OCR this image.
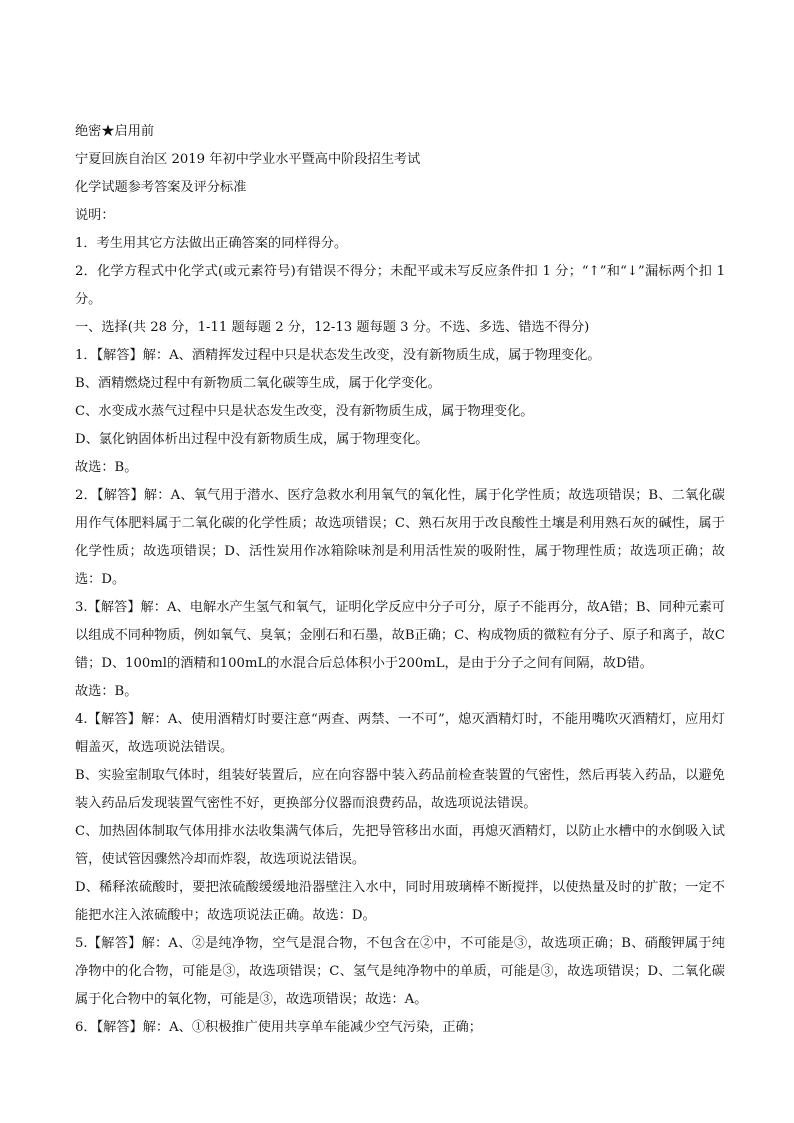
绝密★启用前
宁夏回族自治区 2019 年初中学业水平暨高中阶段招生考试
化学试题参考答案及评分标准
说明：
1．考生用其它方法做出正确答案的同样得分。
2．化学方程式中化学式(或元素符号)有错误不得分；未配平或未写反应条件扣 1 分；“↑”和“↓”漏标两个扣 1 分。
一、选择(共 28 分，1-11 题每题 2 分，12-13 题每题 3 分。不选、多选、错选不得分)
1．【解答】解：A、酒精挥发过程中只是状态发生改变，没有新物质生成，属于物理变化。
B、酒精燃烧过程中有新物质二氧化碳等生成，属于化学变化。
C、水变成水蒸气过程中只是状态发生改变，没有新物质生成，属于物理变化。
D、氯化钠固体析出过程中没有新物质生成，属于物理变化。
故选：B。
2．【解答】解：A、氧气用于潜水、医疗急救水利用氧气的氧化性，属于化学性质；故选项错误；B、二氧化碳用作气体肥料属于二氧化碳的化学性质；故选项错误；C、熟石灰用于改良酸性土壤是利用熟石灰的碱性，属于化学性质；故选项错误；D、活性炭用作冰箱除味剂是利用活性炭的吸附性，属于物理性质；故选项正确；故选：D。
3.【解答】解：A、电解水产生氢气和氧气，证明化学反应中分子可分，原子不能再分，故A错；B、同种元素可以组成不同种物质，例如氧气、臭氧；金刚石和石墨，故B正确；C、构成物质的微粒有分子、原子和离子，故C错；D、100ml的酒精和100mL的水混合后总体积小于200mL，是由于分子之间有间隔，故D错。
故选：B。
4.【解答】解：A、使用酒精灯时要注意“两查、两禁、一不可”，熄灭酒精灯时，不能用嘴吹灭酒精灯，应用灯帽盖灭，故选项说法错误。
B、实验室制取气体时，组装好装置后，应在向容器中装入药品前检查装置的气密性，然后再装入药品，以避免装入药品后发现装置气密性不好，更换部分仪器而浪费药品，故选项说法错误。
C、加热固体制取气体用排水法收集满气体后，先把导管移出水面，再熄灭酒精灯，以防止水槽中的水倒吸入试管，使试管因骤然冷却而炸裂，故选项说法错误。
D、稀释浓硫酸时，要把浓硫酸缓缓地沿器壁注入水中，同时用玻璃棒不断搅拌，以使热量及时的扩散；一定不能把水注入浓硫酸中；故选项说法正确。故选：D。
5.【解答】解：A、②是纯净物，空气是混合物，不包含在②中，不可能是③，故选项正确；B、硝酸钾属于纯净物中的化合物，可能是③，故选项错误；C、氢气是纯净物中的单质，可能是③，故选项错误；D、二氧化碳属于化合物中的氧化物，可能是③，故选项错误；故选：A。
6．【解答】解：A、①积极推广使用共享单车能减少空气污染，正确；
